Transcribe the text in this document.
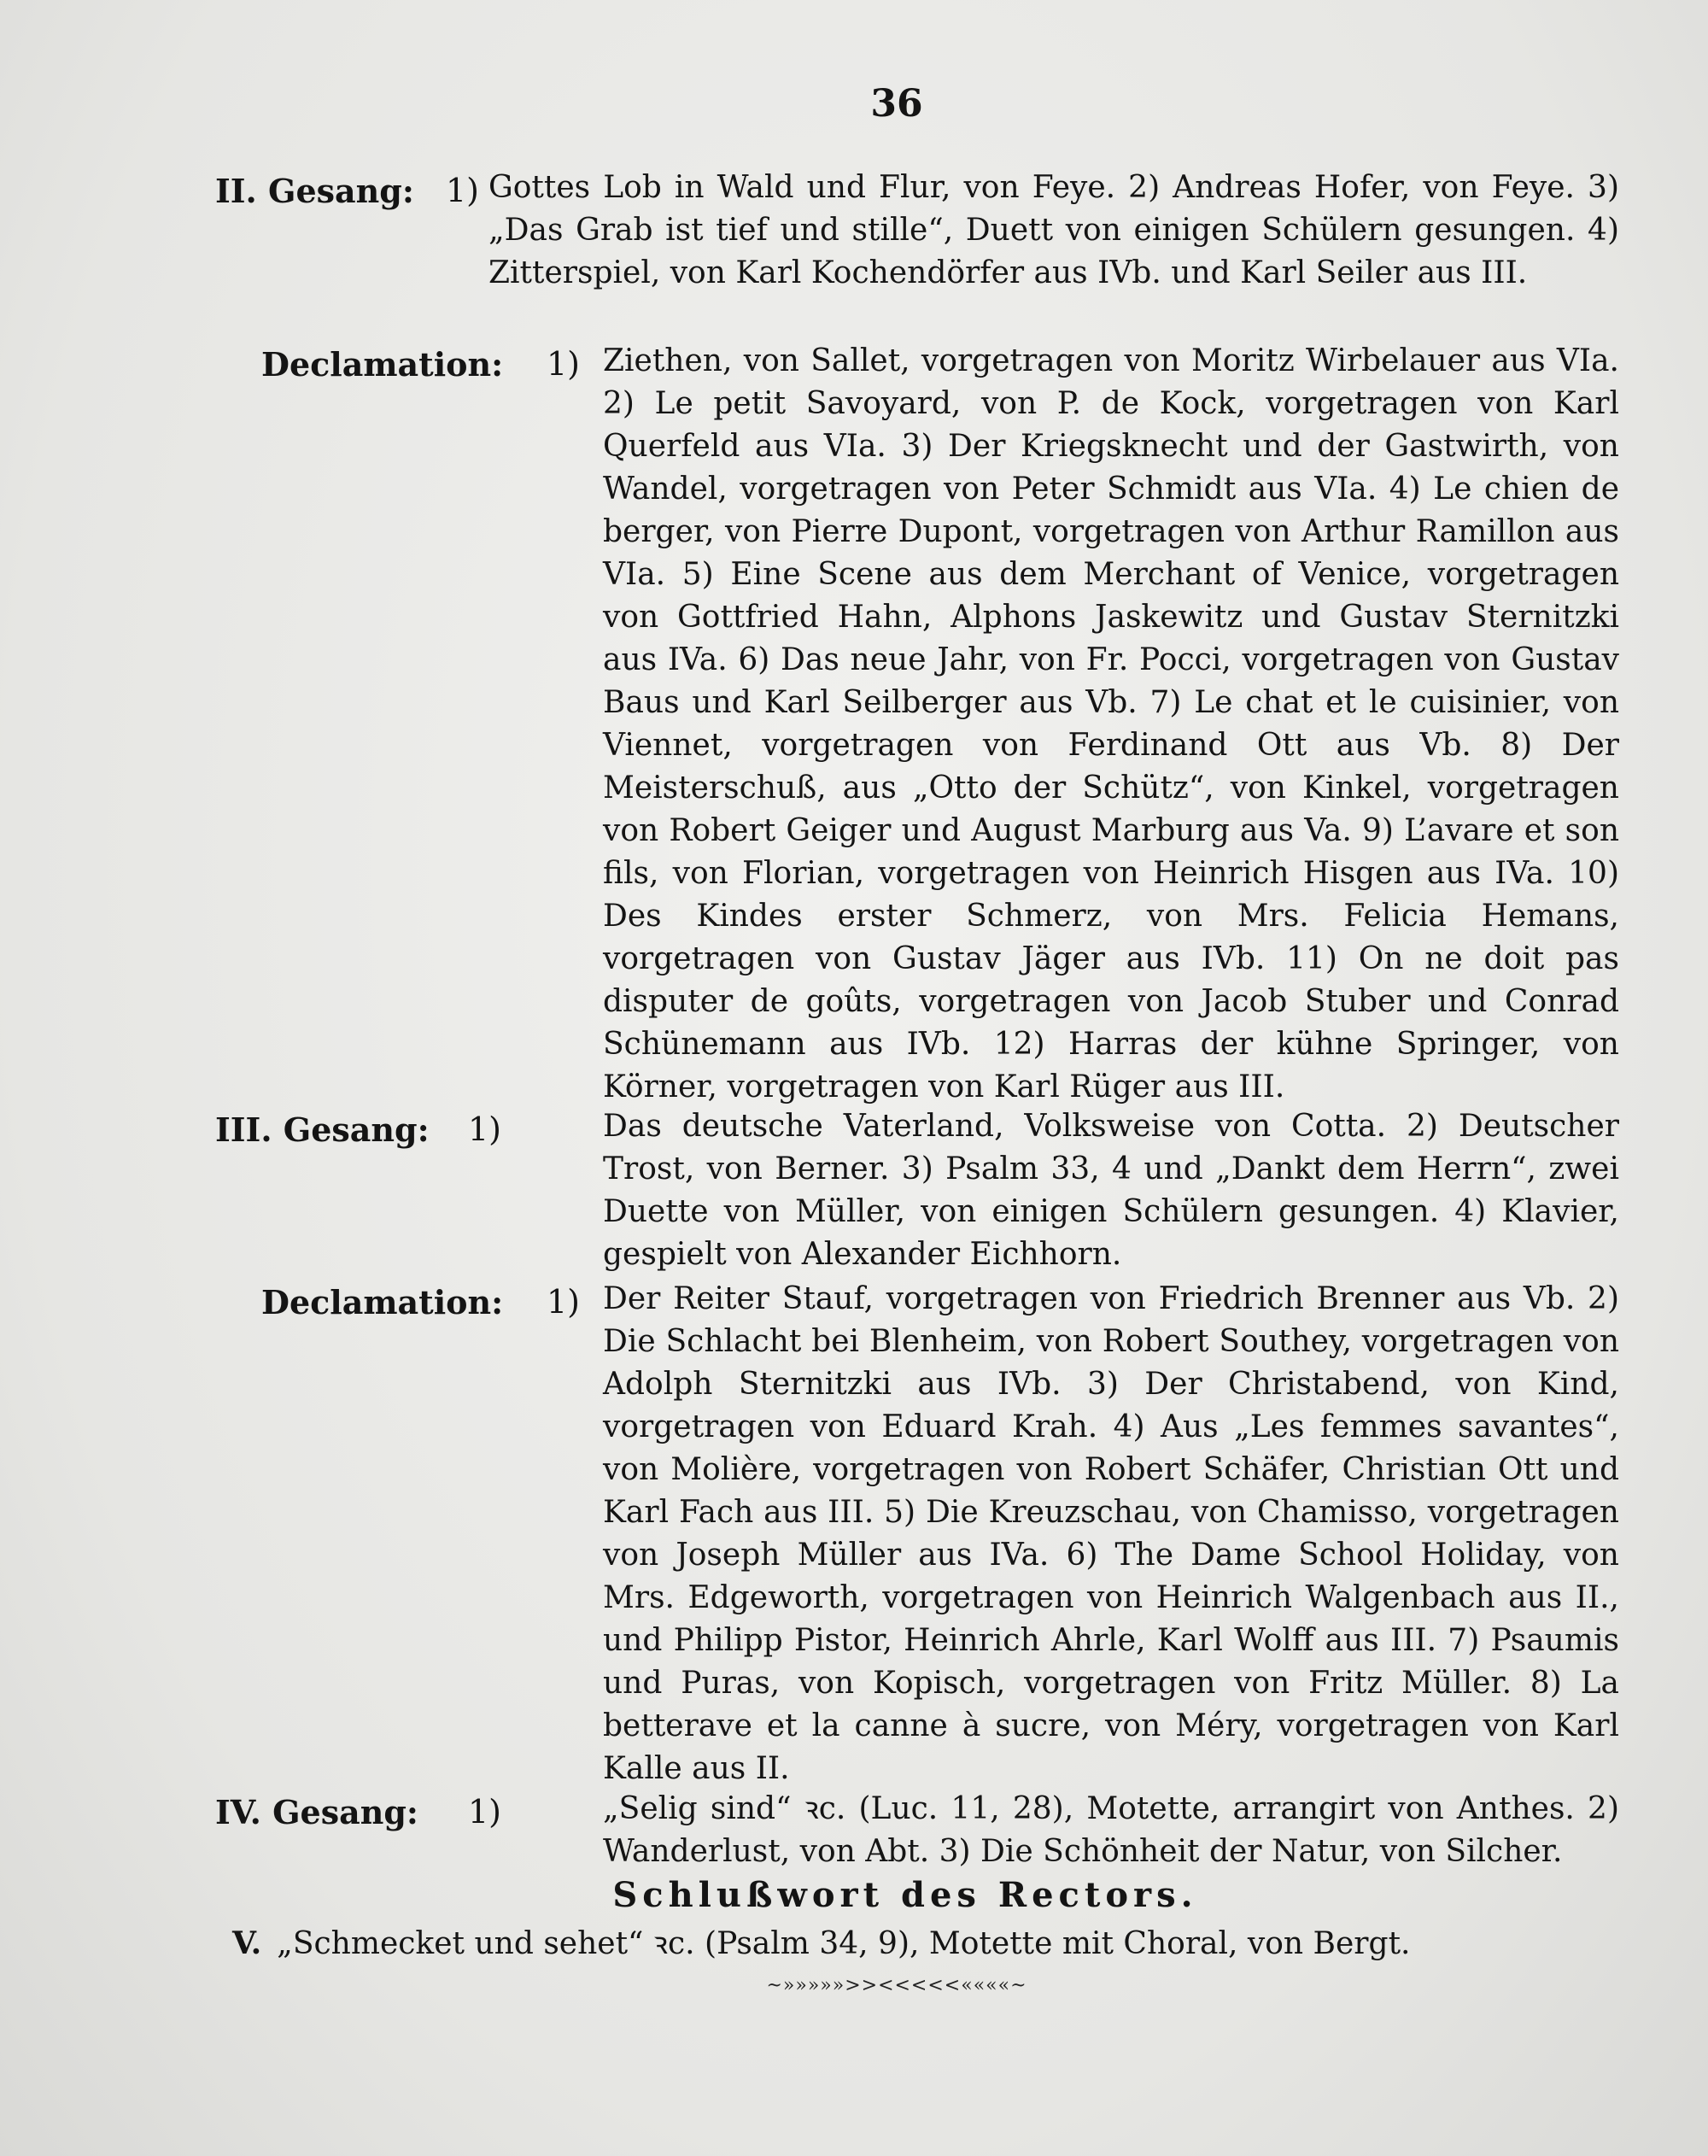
36
II. Gesang: 1) Gottes Lob in Wald und Flur, von Feye. 2) Andreas Hofer, von Feye. 3) „Das Grab ist tief und stille“, Duett von einigen Schülern gesungen. 4) Zitterspiel, von Karl Kochendörfer aus IVb. und Karl Seiler aus III.
Declamation: 1) Ziethen, von Sallet, vorgetragen von Moritz Wirbelauer aus VIa. 2) Le petit Savoyard, von P. de Kock, vorgetragen von Karl Querfeld aus VIa. 3) Der Kriegsknecht und der Gastwirth, von Wandel, vorgetragen von Peter Schmidt aus VIa. 4) Le chien de berger, von Pierre Dupont, vorgetragen von Arthur Ramillon aus VIa. 5) Eine Scene aus dem Merchant of Venice, vorgetragen von Gottfried Hahn, Alphons Jaskewitz und Gustav Sternitzki aus IVa. 6) Das neue Jahr, von Fr. Pocci, vorgetragen von Gustav Baus und Karl Seilberger aus Vb. 7) Le chat et le cuisinier, von Viennet, vorgetragen von Ferdinand Ott aus Vb. 8) Der Meisterschuß, aus „Otto der Schütz“, von Kinkel, vorgetragen von Robert Geiger und August Marburg aus Va. 9) L’avare et son fils, von Florian, vorgetragen von Heinrich Hisgen aus IVa. 10) Des Kindes erster Schmerz, von Mrs. Felicia Hemans, vorgetragen von Gustav Jäger aus IVb. 11) On ne doit pas disputer de goûts, vorgetragen von Jacob Stuber und Conrad Schünemann aus IVb. 12) Harras der kühne Springer, von Körner, vorgetragen von Karl Rüger aus III.
III. Gesang: 1)	Das deutsche Vaterland, Volksweise von Cotta. 2) Deutscher Trost, von Berner. 3) Psalm 33, 4 und „Dankt dem Herrn“, zwei Duette von Müller, von einigen Schülern gesungen. 4) Klavier, gespielt von Alexander Eichhorn.
Declamation: 1) Der Reiter Stauf, vorgetragen von Friedrich Brenner aus Vb. 2) Die Schlacht bei Blenheim, von Robert Southey, vorgetragen von Adolph Sternitzki aus IVb. 3) Der Christabend, von Kind, vorgetragen von Eduard Krah. 4) Aus „Les femmes savantes“, von Molière, vorgetragen von Robert Schäfer, Christian Ott und Karl Fach aus III. 5) Die Kreuzschau, von Chamisso, vorgetragen von Joseph Müller aus IVa. 6) The Dame School Holiday, von Mrs. Edgeworth, vorgetragen von Heinrich Walgenbach aus II., und Philipp Pistor, Heinrich Ahrle, Karl Wolff aus III. 7) Psaumis und Puras, von Kopisch, vorgetragen von Fritz Müller. 8) La betterave et la canne à sucre, von Méry, vorgetragen von Karl Kalle aus II.
IV. Gesang: 1)	„Selig sind“ ꝛc. (Luc. 11, 28), Motette, arrangirt von Anthes. 2) Wanderlust, von Abt. 3) Die Schönheit der Natur, von Silcher.
Schlußwort des Rectors.
V. „Schmecket und sehet“ ꝛc. (Psalm 34, 9), Motette mit Choral, von Bergt.
~»»»»»>><<<<<««««~
